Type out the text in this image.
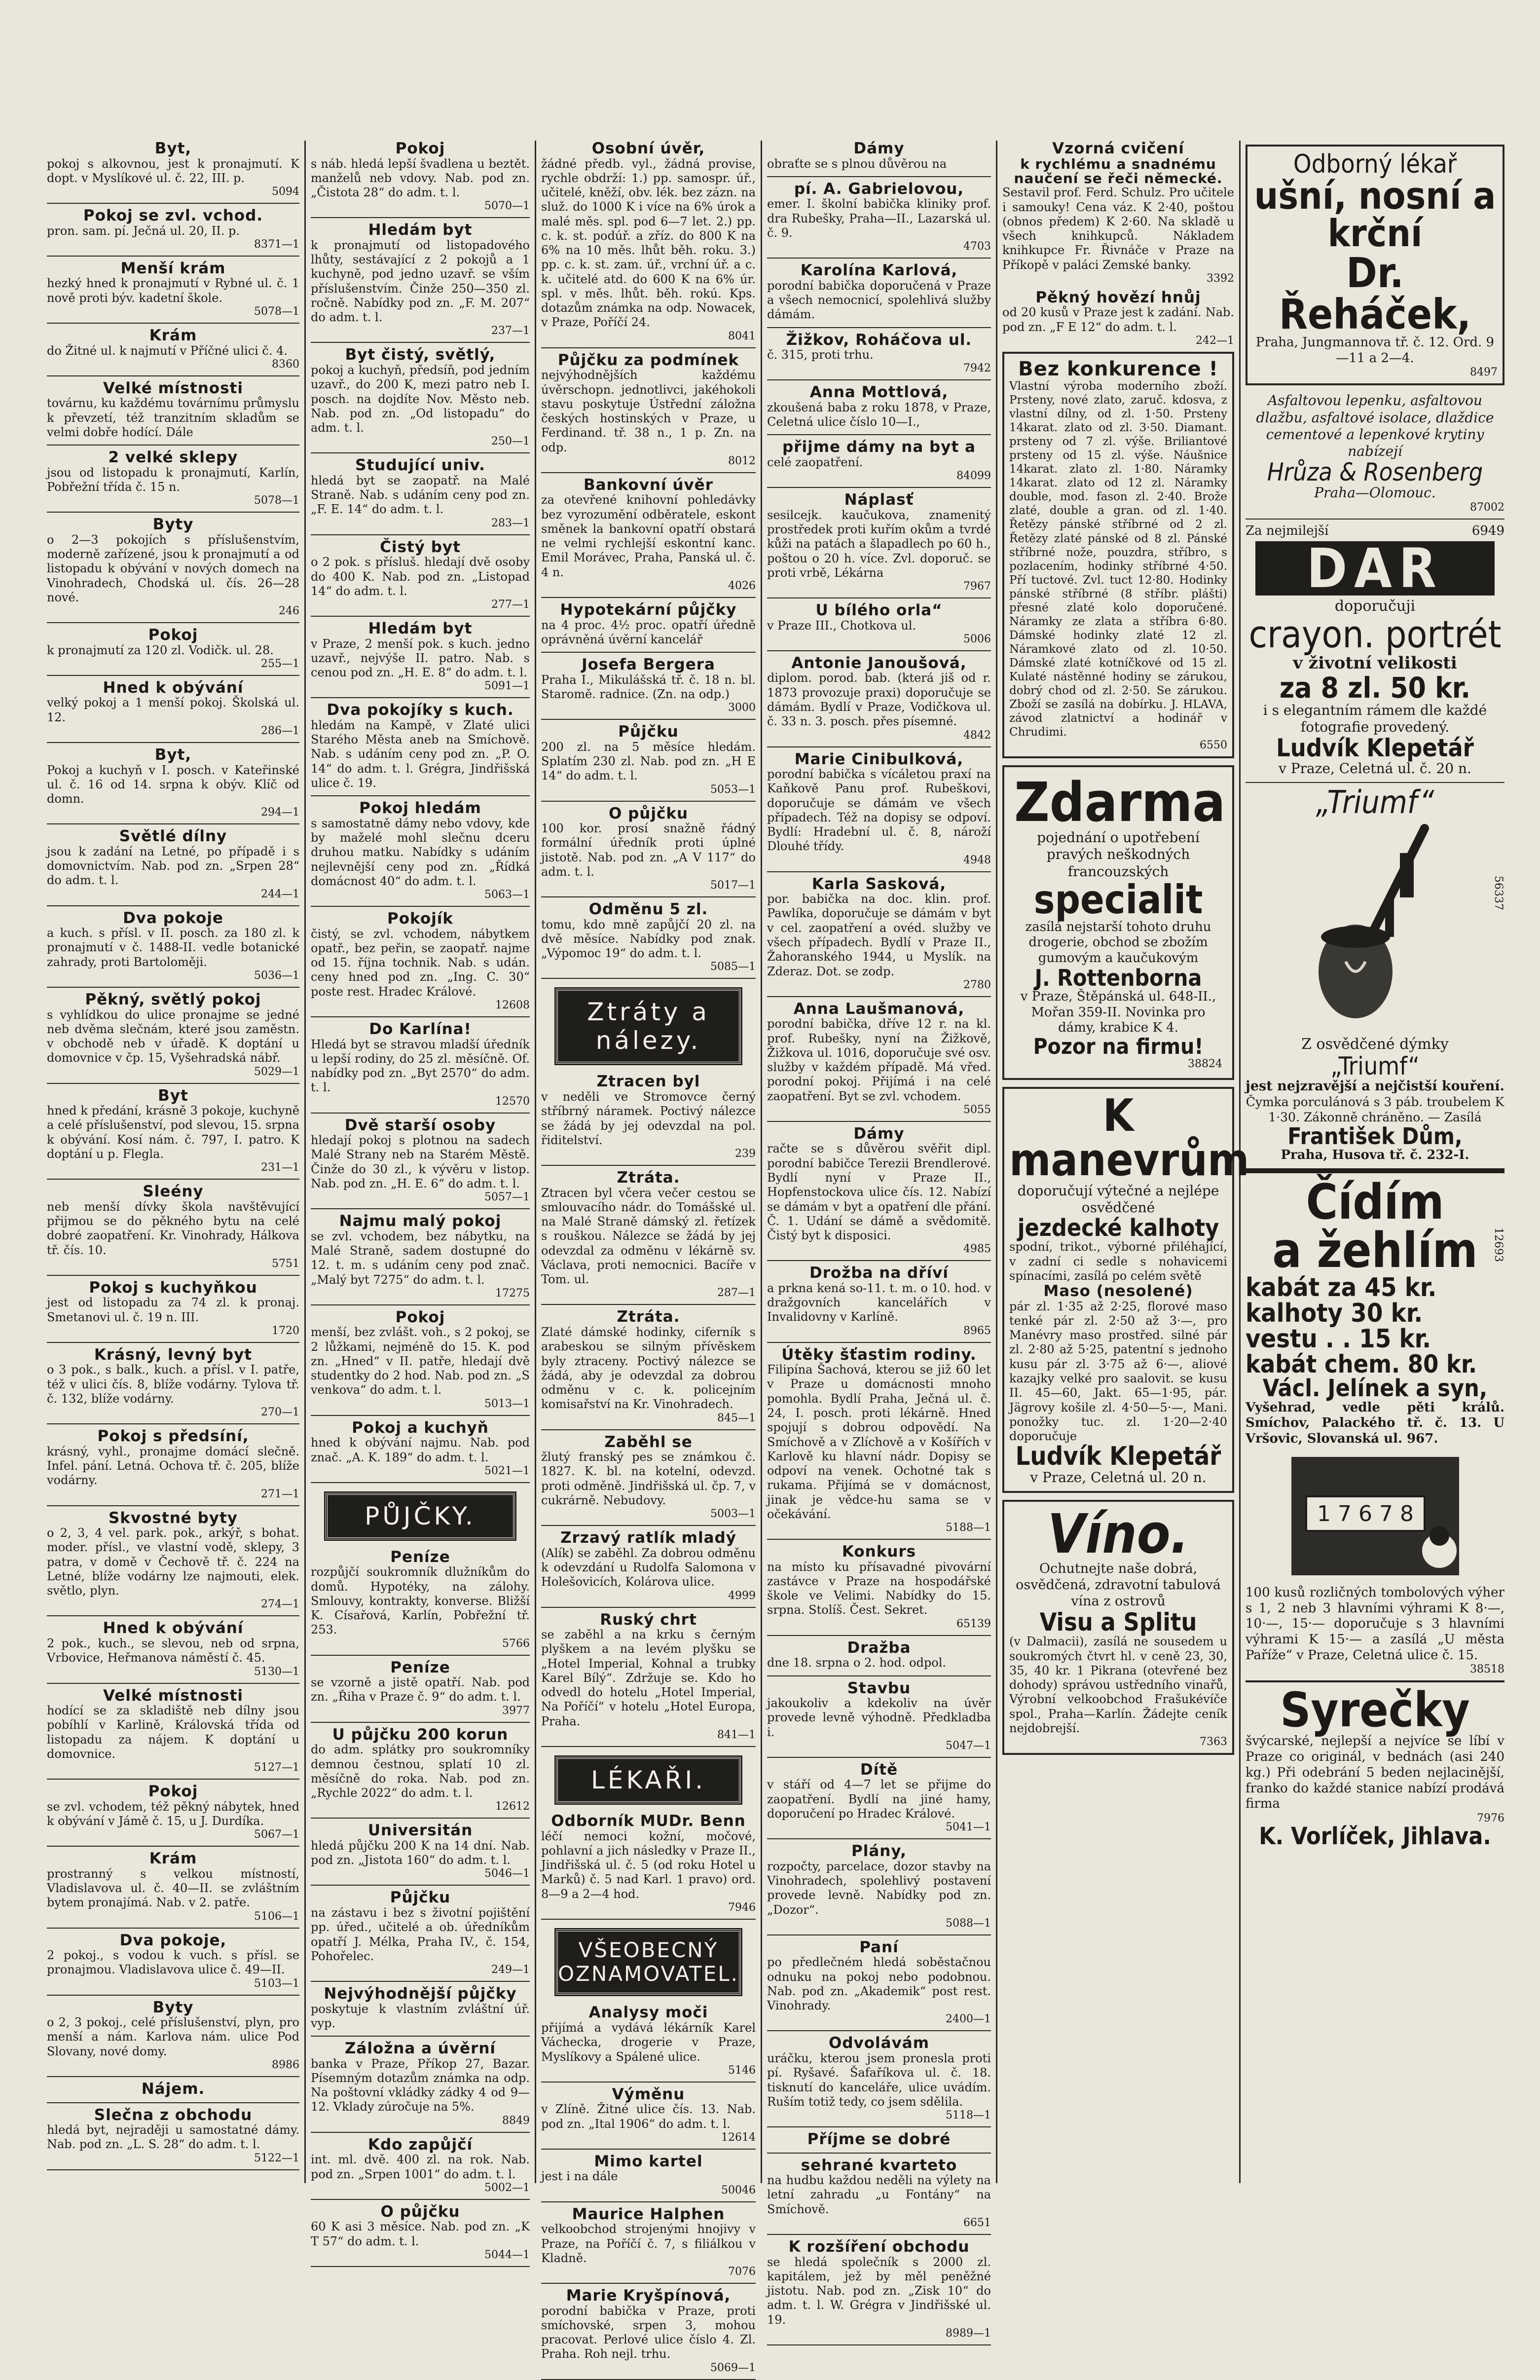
Byt,

pokoj s alkovnou, jest k pronajmutí. K dopt. v Myslíkové ul. č. 22, III. p.

5094
Pokoj se zvl. vchod.

pron. sam. pí. Ječná ul. 20, II. p.

8371—1
Menší krám

hezký hned k pronajmutí v Rybné ul. č. 1 nově proti býv. kadetní škole.

5078—1
Krám

do Žitné ul. k najmutí v Příčné ulici č. 4.

8360
Velké místnosti

továrnu, ku každému továrnímu průmyslu k převzetí, též tranzitním skladům se velmi dobře hodící. Dále

2 velké sklepy

jsou od listopadu k pronajmutí, Karlín, Pobřežní třída č. 15 n.

5078—1
Byty

o 2—3 pokojích s příslušenstvím, moderně zařízené, jsou k pronajmutí a od listopadu k obývání v nových domech na Vinohradech, Chodská ul. čís. 26—28 nové.

246
Pokoj

k pronajmutí za 120 zl. Vodičk. ul. 28.

255—1
Hned k obývání

velký pokoj a 1 menší pokoj. Školská ul. 12.

286—1
Byt,

Pokoj a kuchyň v I. posch. v Kateřinské ul. č. 16 od 14. srpna k obýv. Klíč od domn.

294—1
Světlé dílny

jsou k zadání na Letné, po případě i s domovnictvím. Nab. pod zn. „Srpen 28“ do adm. t. l.

244—1
Dva pokoje

a kuch. s přísl. v II. posch. za 180 zl. k pronajmutí v č. 1488-II. vedle botanické zahrady, proti Bartoloměji.

5036—1
Pěkný, světlý pokoj

s vyhlídkou do ulice pronajme se jedné neb dvěma slečnám, které jsou zaměstn. v obchodě neb v úřadě. K doptání u domovnice v čp. 15, Vyšehradská nábř.

5029—1
Byt

hned k předání, krásně 3 pokoje, kuchyně a celé příslušenství, pod slevou, 15. srpna k obývání. Kosí nám. č. 797, I. patro. K doptání u p. Flegla.

231—1
Sleény

neb menší dívky škola navštěvující přijmou se do pěkného bytu na celé dobré zaopatření. Kr. Vinohrady, Hálkova tř. čís. 10.

5751
Pokoj s kuchyňkou

jest od listopadu za 74 zl. k pronaj. Smetanovi ul. č. 19 n. III.

1720
Krásný, levný byt

o 3 pok., s balk., kuch. a přísl. v I. patře, též v ulici čís. 8, blíže vodárny. Tylova tř. č. 132, blíže vodárny.

270—1
Pokoj s předsíní,

krásný, vyhl., pronajme domácí slečně. Infel. pání. Letná. Ochova tř. č. 205, blíže vodárny.

271—1
Skvostné byty

o 2, 3, 4 vel. park. pok., arkýř, s bohat. moder. přísl., ve vlastní vodě, sklepy, 3 patra, v domě v Čechově tř. č. 224 na Letné, blíže vodárny lze najmouti, elek. světlo, plyn.

274—1
Hned k obývání

2 pok., kuch., se slevou, neb od srpna, Vrbovice, Heřmanova náměstí č. 45.

5130—1
Velké místnosti

hodící se za skladiště neb dílny jsou pobíhlí v Karlině, Královská třída od listopadu za nájem. K doptání u domovnice.

5127—1
Pokoj

se zvl. vchodem, též pěkný nábytek, hned k obývání v Jámě č. 15, u J. Durdíka.

5067—1
Krám

prostranný s velkou místností, Vladislavova ul. č. 40—II. se zvláštním bytem pronajímá. Nab. v 2. patře.

5106—1
Dva pokoje,

2 pokoj., s vodou k vuch. s přísl. se pronajmou. Vladislavova ulice č. 49—II.

5103—1
Byty

o 2, 3 pokoj., celé příslušenství, plyn, pro menší a nám. Karlova nám. ulice Pod Slovany, nové domy.

8986
Nájem.
Slečna z obchodu

hledá byt, nejraději u samostatné dámy. Nab. pod zn. „L. S. 28“ do adm. t. l.

5122—1
Pokoj

s náb. hledá lepší švadlena u beztět. manželů neb vdovy. Nab. pod zn. „Čistota 28“ do adm. t. l.

5070—1
Hledám byt

k pronajmutí od listopadového lhůty, sestávající z 2 pokojů a 1 kuchyně, pod jedno uzavř. se vším příslušenstvím. Činže 250—350 zl. ročně. Nabídky pod zn. „F. M. 207“ do adm. t. l.

237—1
Byt čistý, světlý,

pokoj a kuchyň, předsíň, pod jedním uzavř., do 200 K, mezi patro neb I. posch. na dojdíte Nov. Město neb. Nab. pod zn. „Od listopadu“ do adm. t. l.

250—1
Studující univ.

hledá byt se zaopatř. na Malé Straně. Nab. s udáním ceny pod zn. „F. E. 14“ do adm. t. l.

283—1
Čistý byt

o 2 pok. s přísluš. hledají dvě osoby do 400 K. Nab. pod zn. „Listopad 14“ do adm. t. l.

277—1
Hledám byt

v Praze, 2 menší pok. s kuch. jedno uzavř., nejvýše II. patro. Nab. s cenou pod zn. „H. E. 8“ do adm. t. l.

5091—1
Dva pokojíky s kuch.

hledám na Kampě, v Zlaté ulici Starého Města aneb na Smíchově. Nab. s udáním ceny pod zn. „P. O. 14“ do adm. t. l. Grégra, Jindřišská ulice č. 19.

Pokoj hledám

s samostatně dámy nebo vdovy, kde by maželé mohl slečnu dceru druhou matku. Nabídky s udáním nejlevnější ceny pod zn. „Řídká domácnost 40“ do adm. t. l.

5063—1
Pokojík

čistý, se zvl. vchodem, nábytkem opatř., bez peřin, se zaopatř. najme od 15. října tochnik. Nab. s udán. ceny hned pod zn. „Ing. C. 30“ poste rest. Hradec Králové.

12608
Do Karlína!

Hledá byt se stravou mladší úředník u lepší rodiny, do 25 zl. měsíčně. Of. nabídky pod zn. „Byt 2570“ do adm. t. l.

12570
Dvě starší osoby

hledají pokoj s plotnou na sadech Malé Strany neb na Starém Městě. Činže do 30 zl., k vývěru v listop. Nab. pod zn. „H. E. 6“ do adm. t. l.

5057—1
Najmu malý pokoj

se zvl. vchodem, bez nábytku, na Malé Straně, sadem dostupné do 12. t. m. s udáním ceny pod znač. „Malý byt 7275“ do adm. t. l.

17275
Pokoj

menší, bez zvlášt. voh., s 2 pokoj, se 2 lůžkami, nejméně do 15. K. pod zn. „Hned“ v II. patře, hledají dvě studentky do 2 hod. Nab. pod zn. „S venkova“ do adm. t. l.

5013—1
Pokoj a kuchyň

hned k obývání najmu. Nab. pod znač. „A. K. 189“ do adm. t. l.

5021—1
PŮJČKY.
Peníze

rozpůjčí soukromník dlužníkům do domů. Hypotéky, na zálohy. Smlouvy, kontrakty, konverse. Bližší K. Císařová, Karlín, Pobřežní tř. 253.

5766
Peníze

se vzorně a jistě opatří. Nab. pod zn. „Řiha v Praze č. 9“ do adm. t. l.

3977
U půjčku 200 korun

do adm. splátky pro soukromníky demnou čestnou, splatí 10 zl. měsíčně do roka. Nab. pod zn. „Rychle 2022“ do adm. t. l.

12612
Universitán

hledá půjčku 200 K na 14 dní. Nab. pod zn. „Jistota 160“ do adm. t. l.

5046—1
Půjčku

na zástavu i bez s životní pojištění pp. úřed., učitelé a ob. úředníkům opatří J. Mélka, Praha IV., č. 154, Pohořelec.

249—1
Nejvýhodnější půjčky

poskytuje k vlastním zvláštní úř. vyp.

Záložna a úvěrní

banka v Praze, Příkop 27, Bazar. Písemným dotazům známka na odp. Na poštovní vkládky zádky 4 od 9—12. Vklady zúročuje na 5%.

8849
Kdo zapůjčí

int. ml. dvě. 400 zl. na rok. Nab. pod zn. „Srpen 1001“ do adm. t. l.

5002—1
O půjčku

60 K asi 3 měsíce. Nab. pod zn. „K T 57“ do adm. t. l.

5044—1
Osobní úvěr,

žádné předb. vyl., žádná provise, rychle obdrží: 1.) pp. samospr. úř., učitelé, kněží, obv. lék. bez zázn. na služ. do 1000 K i více na 6% úrok a malé měs. spl. pod 6—7 let. 2.) pp. c. k. st. podúř. a zříz. do 800 K na 6% na 10 měs. lhůt běh. roku. 3.) pp. c. k. st. zam. úř., vrchní úř. a c. k. učitelé atd. do 600 K na 6% úr. spl. v měs. lhůt. běh. rokú. Kps. dotazům známka na odp. Nowacek, v Praze, Poříčí 24.

8041
Půjčku za podmínek

nejvýhodnějších každému úvěrschopn. jednotlivci, jakéhokoli stavu poskytuje Ústřední záložna českých hostinských v Praze, u Ferdinand. tř. 38 n., 1 p. Zn. na odp.

8012
Bankovní úvěr

za otevřené knihovní pohledávky bez vyrozumění odběratele, eskont směnek la bankovní opatří obstará ne velmi rychlejší eskontní kanc. Emil Morávec, Praha, Panská ul. č. 4 n.

4026
Hypotekární půjčky

na 4 proc. 4½ proc. opatří úředně oprávněná úvěrní kancelář

Josefa Bergera

Praha I., Mikulášská tř. č. 18 n. bl. Staromě. radnice. (Zn. na odp.)

3000
Půjčku

200 zl. na 5 měsíce hledám. Splatím 230 zl. Nab. pod zn. „H E 14“ do adm. t. l.

5053—1
O půjčku

100 kor. prosí snažně řádný formální úředník proti úplné jistotě. Nab. pod zn. „A V 117“ do adm. t. l.

5017—1
Odměnu 5 zl.

tomu, kdo mně zapůjčí 20 zl. na dvě měsíce. Nabídky pod znak. „Výpomoc 19“ do adm. t. l.

5085—1
Ztráty a nálezy.
Ztracen byl

v neděli ve Stromovce černý stříbrný náramek. Poctivý nálezce se žádá by jej odevzdal na pol. řiditelství.

239
Ztráta.

Ztracen byl včera večer cestou se smlouvacího nádr. do Tomášské ul. na Malé Straně dámský zl. řetízek s rouškou. Nálezce se žádá by jej odevzdal za odměnu v lékárně sv. Václava, proti nemocnici. Bacíře v Tom. ul.

287—1
Ztráta.

Zlaté dámské hodinky, ciferník s arabeskou se silným přívěskem byly ztraceny. Poctivý nálezce se žádá, aby je odevzdal za dobrou odměnu v c. k. policejním komisařství na Kr. Vinohradech.

845—1
Zaběhl se

žlutý franský pes se známkou č. 1827. K. bl. na kotelní, odevzd. proti odměně. Jindřišská ul. čp. 7, v cukrárně. Nebudovy.

5003—1
Zrzavý ratlík mladý

(Alík) se zaběhl. Za dobrou odměnu k odevzdání u Rudolfa Salomona v Holešovicích, Kolárova ulice.

4999
Ruský chrt

se zaběhl a na krku s černým plyškem a na levém plyšku se „Hotel Imperial, Kohnal a trubky Karel Bílý“. Zdržuje se. Kdo ho odvedl do hotelu „Hotel Imperial, Na Poříčí“ v hotelu „Hotel Europa, Praha.

841—1
LÉKAŘI.
Odborník MUDr. Benn

léčí nemoci kožní, močové, pohlavní a jich následky v Praze II., Jindřišská ul. č. 5 (od roku Hotel u Marků) č. 5 nad Karl. 1 pravo) ord. 8—9 a 2—4 hod.

7946
VŠEOBECNÝ OZNAMOVATEL.
Analysy moči

přijímá a vydává lékárník Karel Váchecka, drogerie v Praze, Myslíkovy a Spálené ulice.

5146
Výměnu

v Zlíně. Žitné ulice čís. 13. Nab. pod zn. „Ital 1906“ do adm. t. l.

12614
Mimo kartel

jest i na dále

50046
Maurice Halphen

velkoobchod strojenými hnojivy v Praze, na Poříčí č. 7, s filiálkou v Kladně.

7076
Marie Kryšpínová,

porodní babička v Praze, proti smíchovské, srpen 3, mohou pracovat. Perlové ulice číslo 4. Zl. Praha. Roh nejl. trhu.

5069—1
Dámy

obraťte se s plnou důvěrou na

pí. A. Gabrielovou,

emer. I. školní babička kliniky prof. dra Rubešky, Praha—II., Lazarská ul. č. 9.

4703
Karolína Karlová,

porodní babička doporučená v Praze a všech nemocnicí, spolehlivá služby dámám.

Žižkov, Roháčova ul.

č. 315, proti trhu.

7942
Anna Mottlová,

zkoušená baba z roku 1878, v Praze, Celetná ulice číslo 10—I.,

přijme dámy na byt a

celé zaopatření.

84099
Náplasť

sesilcejk. kaučukova, znamenitý prostředek proti kuřím okům a tvrdé kůži na patách a šlapadlech po 60 h., poštou o 20 h. více. Zvl. doporuč. se proti vrbě, Lékárna

7967
U bílého orla“

v Praze III., Chotkova ul.

5006
Antonie Janoušová,

diplom. porod. bab. (která jiš od r. 1873 provozuje praxi) doporučuje se dámám. Bydlí v Praze, Vodičkova ul. č. 33 n. 3. posch. přes písemné.

4842
Marie Cinibulková,

porodní babička s vícáletou praxí na Kaňkově Panu prof. Rubeškovi, doporučuje se dámám ve všech případech. Též na dopisy se odpoví. Bydlí: Hradební ul. č. 8, nároží Dlouhé třídy.

4948
Karla Sasková,

por. babička na doc. klin. prof. Pawlíka, doporučuje se dámám v byt v cel. zaopatření a ovéd. služby ve všech případech. Bydlí v Praze II., Žahoranského 1944, u Myslík. na Zderaz. Dot. se zodp.

2780
Anna Laušmanová,

porodní babička, dříve 12 r. na kl. prof. Rubešky, nyní na Žižkově, Žižkova ul. 1016, doporučuje své osv. služby v každém případě. Má vřed. porodní pokoj. Přijímá i na celé zaopatření. Byt se zvl. vchodem.

5055
Dámy

račte se s důvěrou svěřit dipl. porodní babičce Terezii Brendlerové. Bydlí nyní v Praze II., Hopfenstockova ulice čís. 12. Nabízí se dámám v byt a opatření dle přání. Č. 1. Udání se dámě a svědomitě. Čistý byt k disposici.

4985
Drožba na dříví

a prkna kená so-11. t. m. o 10. hod. v dražgovních kancelářích v Invalidovny v Karlíně.

8965
Útěky šťastim rodiny.

Filipína Šachová, kterou se již 60 let v Praze u domácnosti mnoho pomohla. Bydlí Praha, Ječná ul. č. 24, I. posch. proti lékárně. Hned spojují s dobrou odpovědí. Na Smíchově a v Zlíchově a v Košířích v Karlově ku hlavní nádr. Dopisy se odpoví na venek. Ochotné tak s rukama. Přijímá se v domácnost, jinak je vědce-hu sama se v očekávání.

5188—1
Konkurs

na místo ku přísavadné pivovární zastávce v Praze na hospodářské škole ve Velimi. Nabídky do 15. srpna. Stolíš. Čest. Sekret.

65139
Dražba

dne 18. srpna o 2. hod. odpol.

Stavbu

jakoukoliv a kdekoliv na úvěr provede levně výhodně. Předkladba i.

5047—1
Dítě

v stáří od 4—7 let se přijme do zaopatření. Bydlí na jiné hamy, doporučení po Hradec Králové.

5041—1
Plány,

rozpočty, parcelace, dozor stavby na Vinohradech, spolehlivý postavení provede levně. Nabídky pod zn. „Dozor“.

5088—1
Paní

po předlečném hledá soběstačnou odnuku na pokoj nebo podobnou. Nab. pod zn. „Akademik“ post rest. Vinohrady.

2400—1
Odvolávám

uráčku, kterou jsem pronesla proti pí. Ryšavé. Šafaříkova ul. č. 18. tisknutí do kanceláře, ulice uvádím. Ruším totiž tedy, co jsem sdělila.

5118—1
Příjme se dobré
sehrané kvarteto

na hudbu každou neděli na výlety na letní zahradu „u Fontány“ na Smíchově.

6651
K rozšíření obchodu

se hledá společník s 2000 zl. kapitálem, jež by měl peněžné jistotu. Nab. pod zn. „Zisk 10“ do adm. t. l. W. Grégra v Jindřišské ul. 19.

8989—1
Vzorná cvičení
k rychlému a snadnému naučení se řeči německé.

Sestavil prof. Ferd. Schulz. Pro učitele i samouky! Cena váz. K 2·40, poštou (obnos předem) K 2·60. Na skladě u všech knihkupců. Nákladem knihkupce Fr. Řivnáče v Praze na Příkopě v paláci Zemské banky.

3392
Pěkný hovězí hnůj

od 20 kusů v Praze jest k zadání. Nab. pod zn. „F E 12“ do adm. t. l.

242—1
Bez konkurence !

Vlastní výroba moderního zboží. Prsteny, nové zlato, zaruč. kdosva, z vlastní dílny, od zl. 1·50. Prsteny 14karat. zlato od zl. 3·50. Diamant. prsteny od 7 zl. výše. Briliantové prsteny od 15 zl. výše. Náušnice 14karat. zlato zl. 1·80. Náramky 14karat. zlato od 12 zl. Náramky double, mod. fason zl. 2·40. Brože zlaté, double a gran. od zl. 1·40. Řetězy pánské stříbrné od 2 zl. Řetězy zlaté pánské od 8 zl. Pánské stříbrné nože, pouzdra, stříbro, s pozlacením, hodinky stříbrné 4·50. Pří tuctové. Zvl. tuct 12·80. Hodinky pánské stříbrné (8 stříbr. plášti) přesné zlaté kolo doporučené. Náramky ze zlata a stříbra 6·80. Dámské hodinky zlaté 12 zl. Náramkové zlato od zl. 10·50. Dámské zlaté kotníčkové od 15 zl. Kulaté nástěnné hodiny se zárukou, dobrý chod od zl. 2·50. Se zárukou. Zboží se zasílá na dobírku. J. HLAVA, závod zlatnictví a hodinář v Chrudimi.

6550
Zdarma

pojednání o upotřebení pravých neškodných francouzských

specialit

zasílá nejstarší tohoto druhu drogerie, obchod se zbožím gumovým a kaučukovým

J. Rottenborna

v Praze, Štěpánská ul. 648-II., Mořan 359-II. Novinka pro dámy, krabice K 4.

Pozor na firmu!
38824
K manevrům

doporučují výtečné a nejlépe osvědčené

jezdecké kalhoty

spodní, trikot., výborné přiléhající, v zadní ci sedle s nohavicemi spínacími, zasílá po celém světě

Maso (nesolené)

pár zl. 1·35 až 2·25, florové maso tenké pár zl. 2·50 až 3·—, pro Manévry maso prostřed. silné pár zl. 2·80 až 5·25, patentní s jednoho kusu pár zl. 3·75 až 6·—, aliové kazajky velké pro saalovit. se kusu II. 45—60, Jakt. 65—1·95, pár. Jägrovy košile zl. 4·50—5·—, Mani. ponožky tuc. zl. 1·20—2·40 doporučuje

Ludvík Klepetář

v Praze, Celetná ul. 20 n.

Víno.

Ochutnejte naše dobrá, osvědčená, zdravotní tabulová vína z ostrovů

Visu a Splitu

(v Dalmacii), zasílá ne sousedem u soukromých čtvrt hl. v ceně 23, 30, 35, 40 kr. 1 Pikrana (otevřené bez dohody) správou ustředního vinařů, Výrobní velkoobchod Frašukévíče spol., Praha—Karlín. Žádejte ceník nejdobrejší.

7363
Odborný lékař
ušní, nosní a krční
Dr. Řeháček,

Praha, Jungmannova tř. č. 12. Ord. 9—11 a 2—4.

8497

Asfaltovou lepenku, asfaltovou dlažbu, asfaltové isolace, dlaždice cementové a lepenkové krytiny nabízejí

Hrůza & Rosenberg

Praha—Olomouc.

87002

Za nejmilejší	6949

DAR

doporučuji

crayon. portrét

v životní velikosti

za 8 zl. 50 kr.

i s elegantním rámem dle každé fotografie provedený.

Ludvík Klepetář

v Praze, Celetná ul. č. 20 n.

„Triumf“
56337

Z osvědčené dýmky

„Triumf“

jest nejzravější a nejčistší kouření.

Čymka porculánová s 3 páb. troubelem K 1·30. Zákonně chráněno. — Zasílá

František Dům,

Praha, Husova tř. č. 232-I.

Čídím
a žehlím	12693
kabát za 45 kr.
kalhoty 30 kr.
vestu . . 15 kr.
kabát chem. 80 kr.
Václ. Jelínek a syn,

Vyšehrad, vedle pěti králů. Smíchov, Palackého tř. č. 13. U Vršovic, Slovanská ul. 967.

1 7 6 7 8

100 kusů rozličných tombolových výher s 1, 2 neb 3 hlavními výhrami K 8·—, 10·—, 15·— doporučuje s 3 hlavními výhrami K 15·— a zasílá „U města Paříže“ v Praze, Celetná ulice č. 15.

38518
Syrečky

švýcarské, nejlepší a nejvíce se líbí v Praze co originál, v bednách (asi 240 kg.) Při odebrání 5 beden nejlacinější, franko do každé stanice nabízí prodává firma

7976
K. Vorlíček, Jihlava.
